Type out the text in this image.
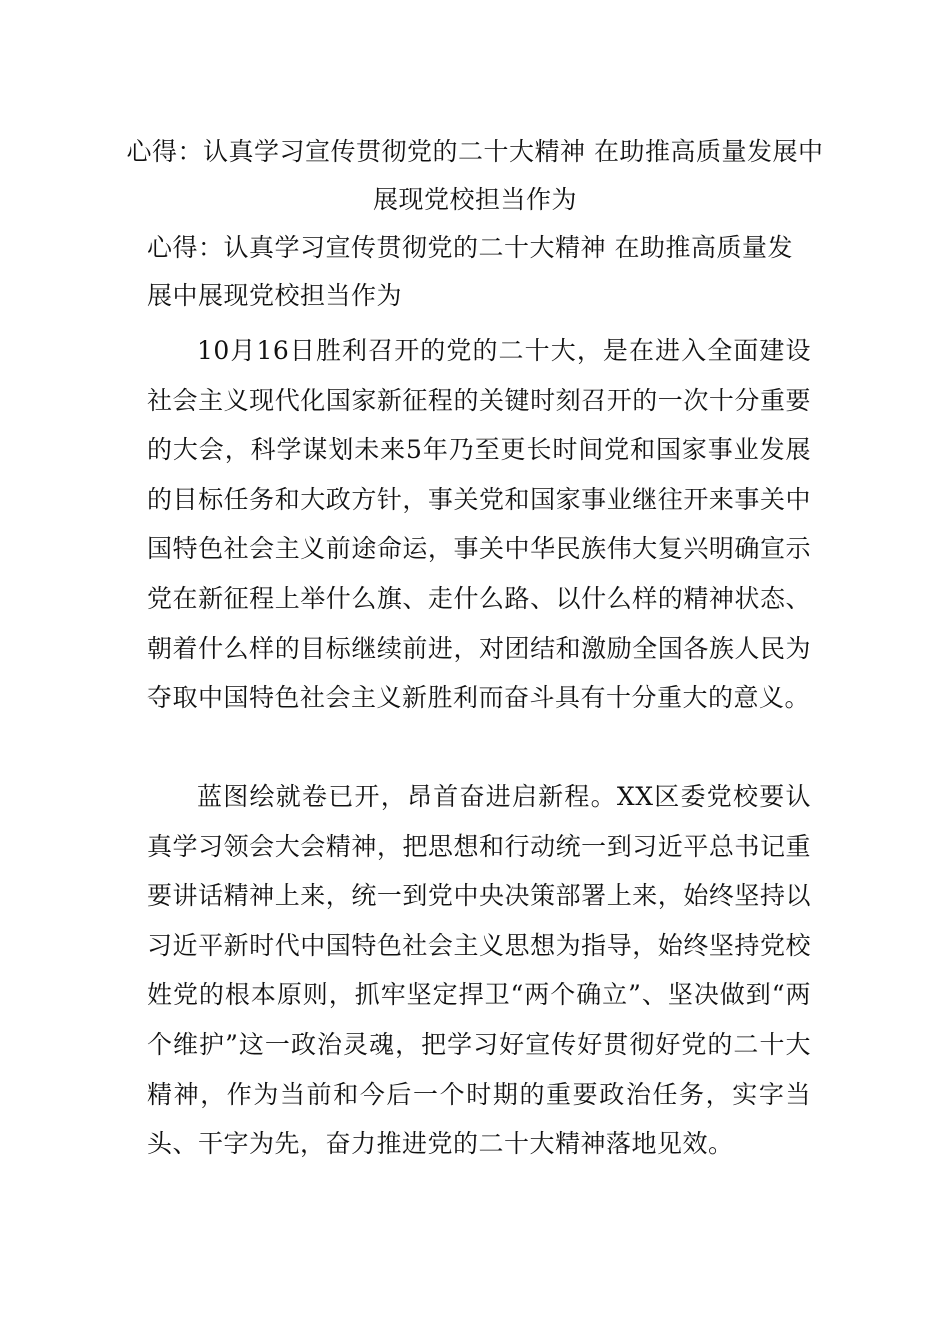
心得：认真学习宣传贯彻党的二十大精神 在助推高质量发展中展现党校担当作为
心得：认真学习宣传贯彻党的二十大精神 在助推高质量发展中展现党校担当作为
10月16日胜利召开的党的二十大，是在进入全面建设社会主义现代化国家新征程的关键时刻召开的一次十分重要的大会，科学谋划未来5年乃至更长时间党和国家事业发展的目标任务和大政方针，事关党和国家事业继往开来事关中国特色社会主义前途命运，事关中华民族伟大复兴明确宣示党在新征程上举什么旗、走什么路、以什么样的精神状态、朝着什么样的目标继续前进，对团结和激励全国各族人民为夺取中国特色社会主义新胜利而奋斗具有十分重大的意义。
蓝图绘就卷已开，昂首奋进启新程。XX区委党校要认真学习领会大会精神，把思想和行动统一到习近平总书记重要讲话精神上来，统一到党中央决策部署上来，始终坚持以习近平新时代中国特色社会主义思想为指导，始终坚持党校姓党的根本原则，抓牢坚定捍卫“两个确立”、坚决做到“两个维护”这一政治灵魂，把学习好宣传好贯彻好党的二十大精神，作为当前和今后一个时期的重要政治任务，实字当头、干字为先，奋力推进党的二十大精神落地见效。
